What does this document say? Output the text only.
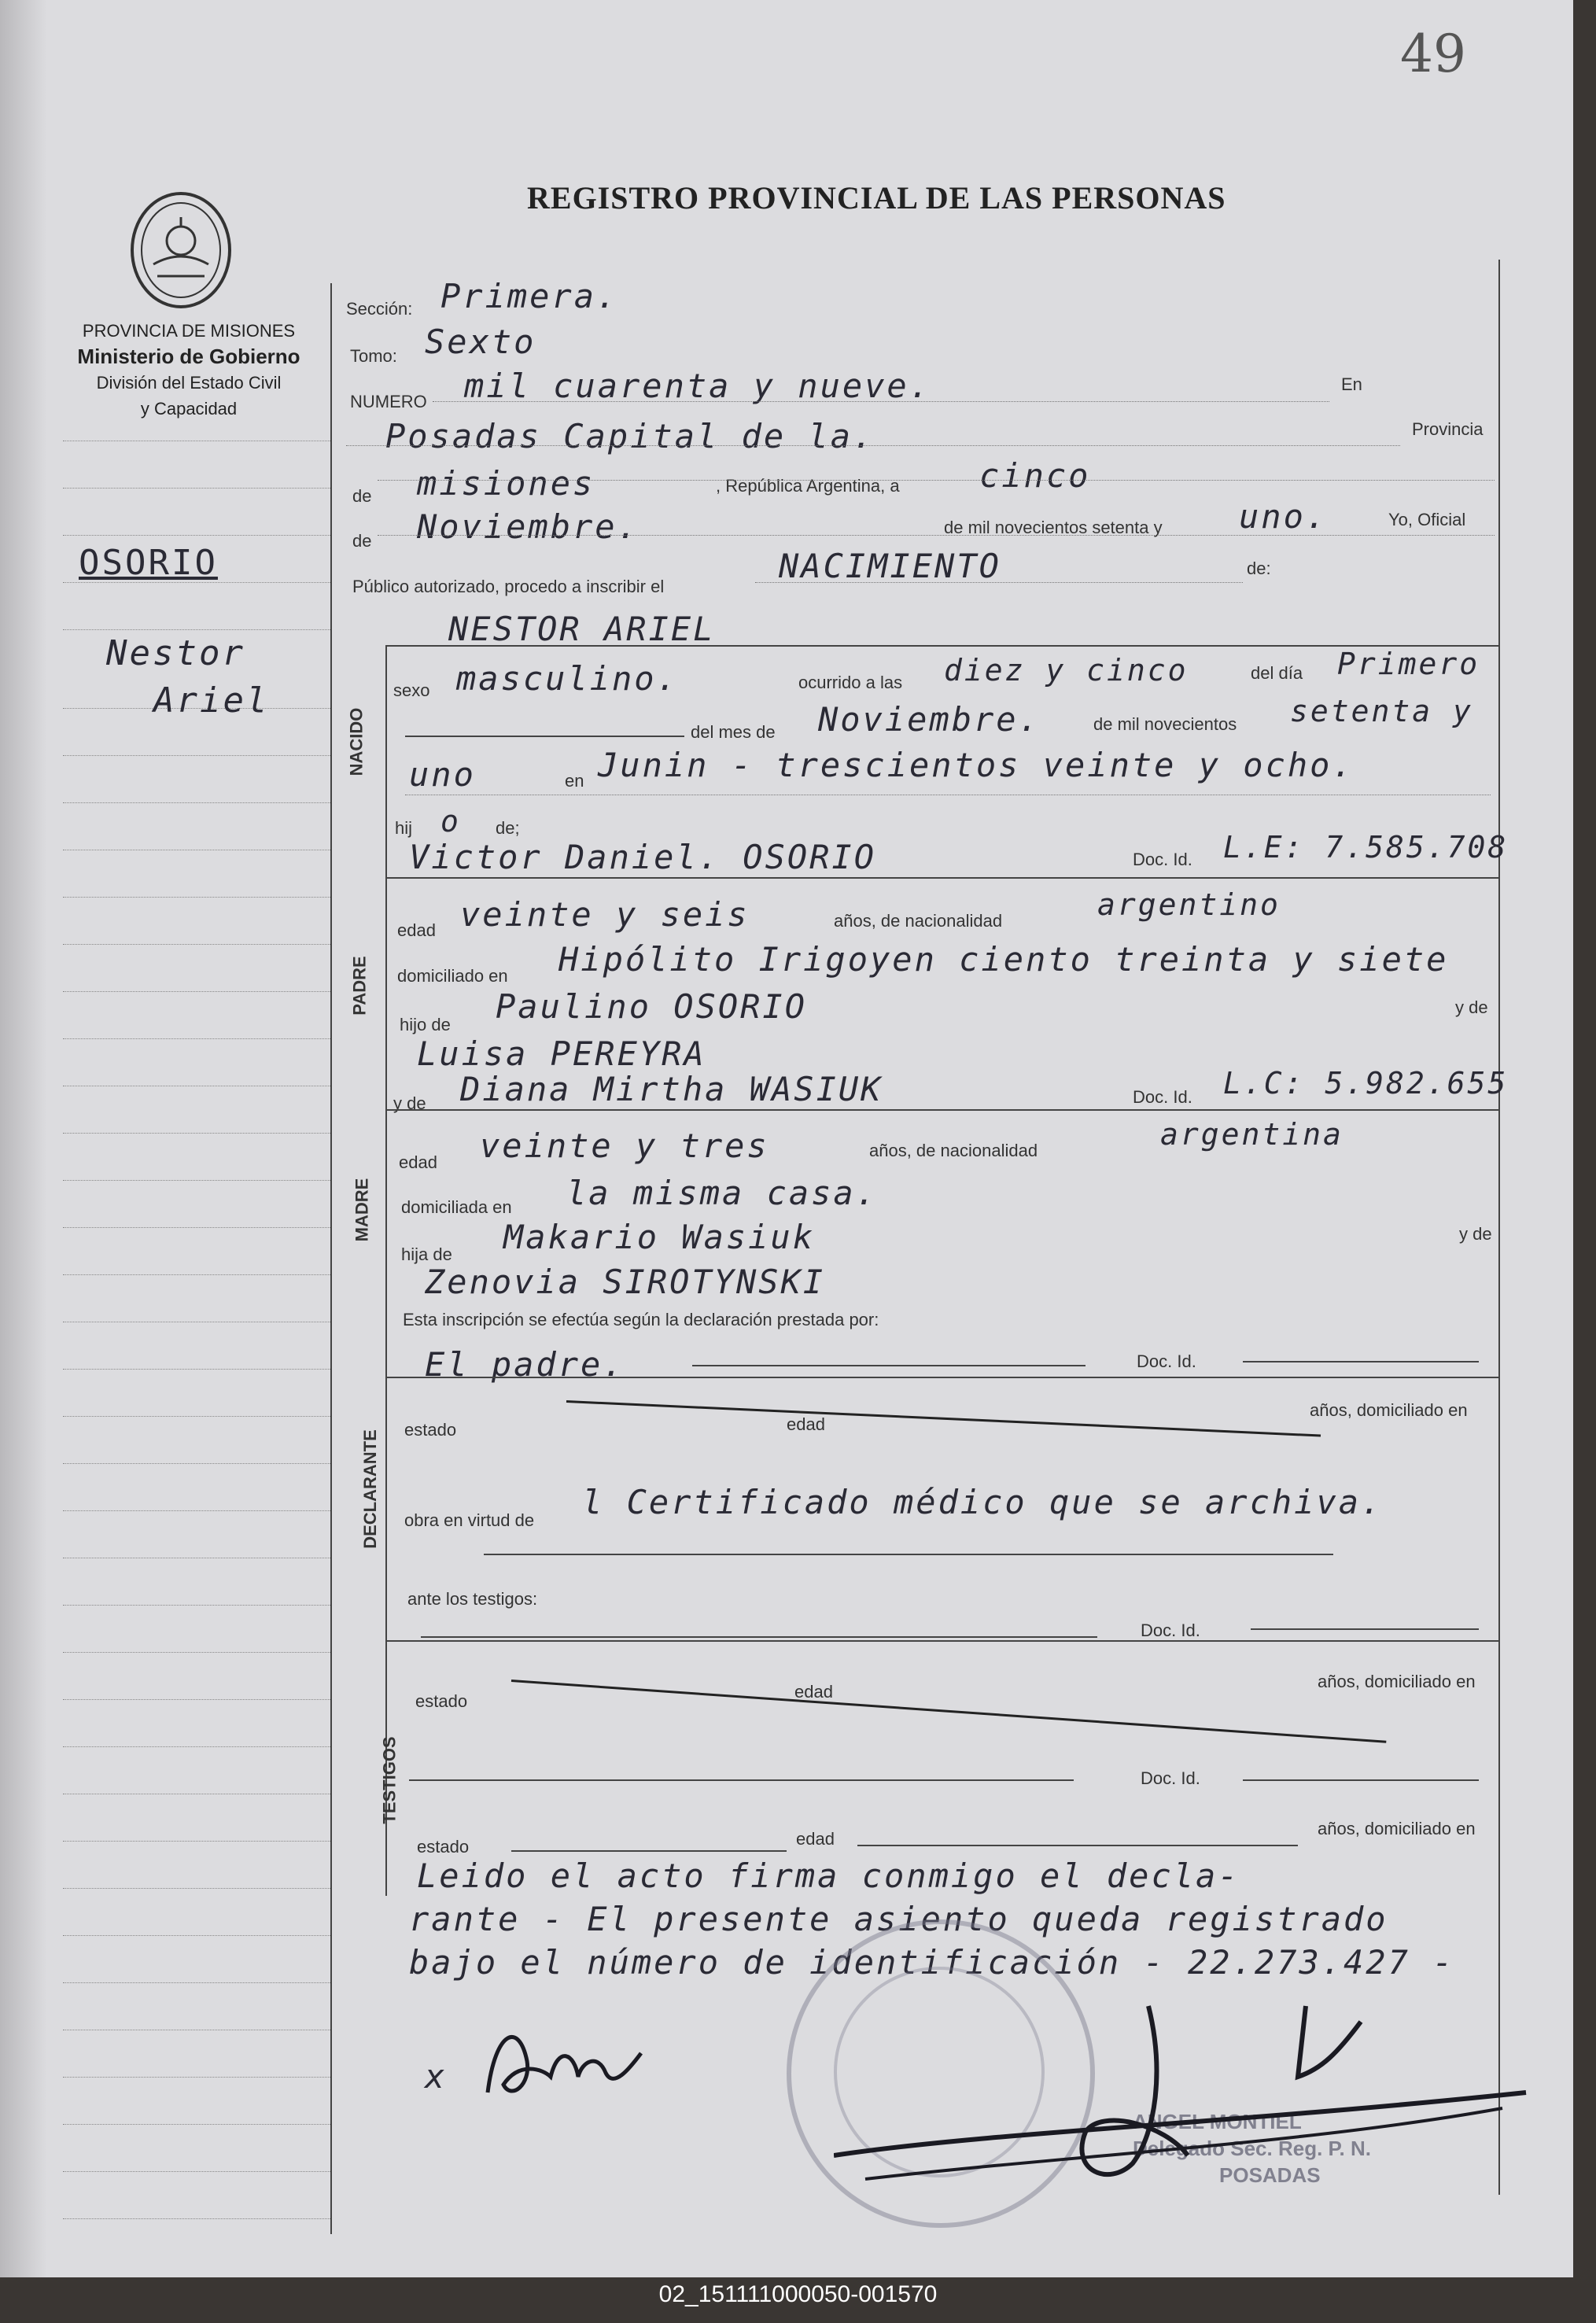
49
REGISTRO PROVINCIAL DE LAS PERSONAS
PROVINCIA DE MISIONES
Ministerio de Gobierno
División del Estado Civil
y Capacidad
OSORIO
Nestor
Ariel
Sección: Primera.
Tomo: Sexto
NUMERO mil cuarenta y nueve.	En
Posadas Capital de la.	Provincia
de misiones	, República Argentina, a cinco
de Noviembre.	de mil novecientos setenta y uno.	Yo, Oficial
Público autorizado, procedo a inscribir el
NACIMIENTO	de:
NESTOR ARIEL
NACIDO
sexo masculino.	ocurrido a las diez y cinco	del día Primero
del mes de Noviembre.	de mil novecientos setenta y
uno	en Junin - trescientos veinte y ocho.
hij o de;
Victor Daniel. OSORIO	Doc. Id. L.E: 7.585.708
PADRE
edad veinte y seis	años, de nacionalidad	argentino
domiciliado en Hipólito Irigoyen ciento treinta y siete
hijo de Paulino OSORIO	y de
Luisa PEREYRA
y de Diana Mirtha WASIUK	Doc. Id. L.C: 5.982.655
MADRE
edad veinte y tres	años, de nacionalidad	argentina
domiciliada en la misma casa.
hija de Makario Wasiuk	y de
Zenovia SIROTYNSKI
Esta inscripción se efectúa según la declaración prestada por:
El padre.	Doc. Id.
DECLARANTE estado	edad
años, domiciliado en
obra en virtud de l Certificado médico que se archiva.
ante los testigos:
Doc. Id.
estado	edad
años, domiciliado en
TESTIGOS	Doc. Id.
estado	edad
años, domiciliado en
Leido el acto firma conmigo el decla-
rante - El presente asiento queda registrado
bajo el número de identificación - 22.273.427 -
ANGEL MONTIEL
Delegado Sec. Reg. P. N.
POSADAS
x
02_151111000050-001570
